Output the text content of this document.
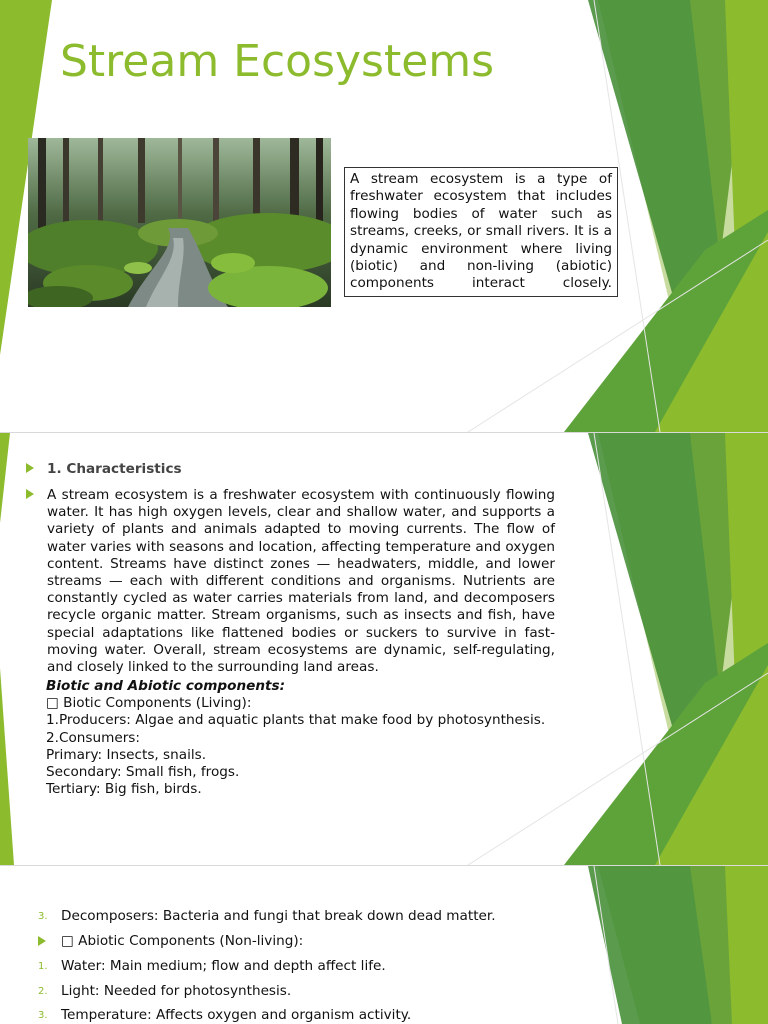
Stream Ecosystems
A stream ecosystem is a type of freshwater ecosystem that includes flowing bodies of water such as streams, creeks, or small rivers. It is a dynamic environment where living (biotic) and non-living (abiotic) components interact closely.
1. Characteristics
A stream ecosystem is a freshwater ecosystem with continuously flowing water. It has high oxygen levels, clear and shallow water, and supports a variety of plants and animals adapted to moving currents. The flow of water varies with seasons and location, affecting temperature and oxygen content. Streams have distinct zones — headwaters, middle, and lower streams — each with different conditions and organisms. Nutrients are constantly cycled as water carries materials from land, and decomposers recycle organic matter. Stream organisms, such as insects and fish, have special adaptations like flattened bodies or suckers to survive in fast-moving water. Overall, stream ecosystems are dynamic, self-regulating, and closely linked to the surrounding land areas.
Biotic and Abiotic components:
□ Biotic Components (Living):
1.Producers: Algae and aquatic plants that make food by photosynthesis.
2.Consumers:
Primary: Insects, snails.
Secondary: Small fish, frogs.
Tertiary: Big fish, birds.
3. Decomposers: Bacteria and fungi that break down dead matter.
□ Abiotic Components (Non-living):
1. Water: Main medium; flow and depth affect life.
2. Light: Needed for photosynthesis.
3. Temperature: Affects oxygen and organism activity.
